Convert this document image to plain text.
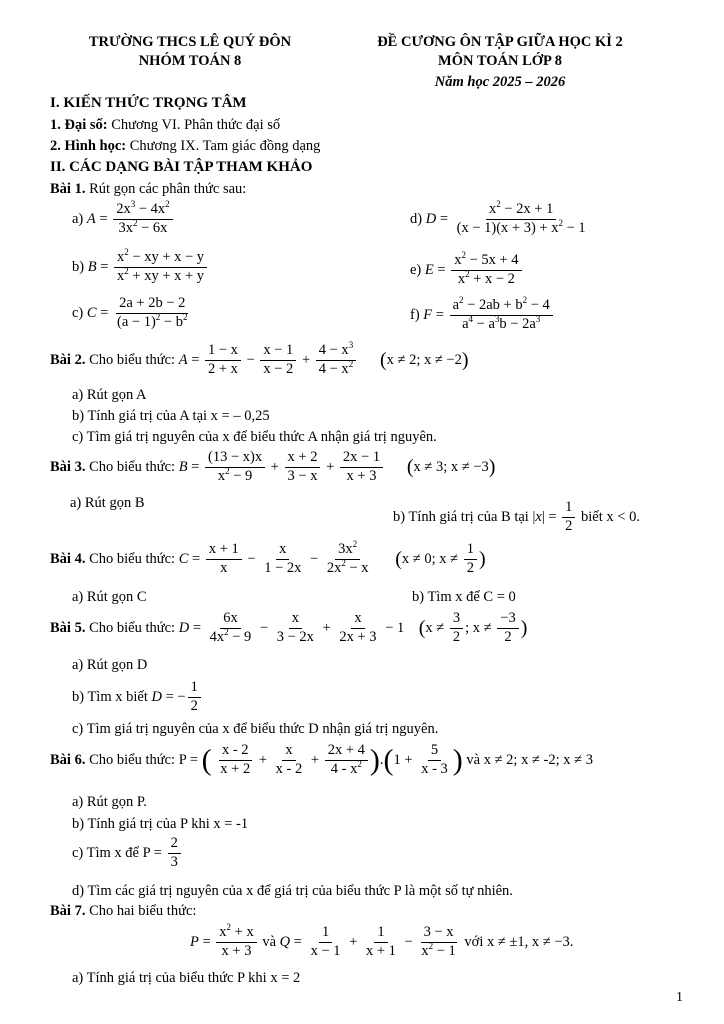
TRƯỜNG THCS LÊ QUÝ ĐÔN
NHÓM TOÁN 8
ĐỀ CƯƠNG ÔN TẬP GIỮA HỌC KÌ 2
MÔN TOÁN LỚP 8
Năm học 2025 – 2026
I. KIẾN THỨC TRỌNG TÂM
1. Đại số: Chương VI. Phân thức đại số
2. Hình học: Chương IX. Tam giác đồng dạng
II. CÁC DẠNG BÀI TẬP THAM KHẢO
Bài 1. Rút gọn các phân thức sau:
a) $A = \frac{2x^3 - 4x^2}{3x^2 - 6x}$	d) $D = \frac{x^2 - 2x + 1}{(x - 1)(x + 3) + x^2 - 1}$
b) $B = \frac{x^2 - xy + x - y}{x^2 + xy + x + y}$	e) $E = \frac{x^2 - 5x + 4}{x^2 + x - 2}$
c) $C = \frac{2a + 2b - 2}{(a - 1)^2 - b^2}$	f) $F = \frac{a^2 - 2ab + b^2 - 4}{a^4 - a^3b - 2a^3}$
Bài 2. Cho biểu thức: $A = \frac{1 - x}{2 + x} - \frac{x - 1}{x - 2} + \frac{4 - x^3}{4 - x^2} (x \ne 2$; x ≠ −2)
a) Rút gọn A
b) Tính giá trị của A tại x = – 0,25
c) Tìm giá trị nguyên của x để biểu thức A nhận giá trị nguyên.
Bài 3. Cho biểu thức: $B = \frac{(13 - x)x}{x^2 - 9} + \frac{x + 2}{3 - x} + \frac{2x - 1}{x + 3} (x \ne 3$; x ≠ −3)
a) Rút gọn B
b) Tính giá trị của B tại $|x| = \frac{1}{2}$ biết x < 0.
Bài 4. Cho biểu thức: $C = \frac{x + 1}{x} - \frac{x}{1 - 2x} - \frac{3x^2}{2x^2 - x} (x \ne 0$; $x \ne \frac{1}{2}$ )
a) Rút gọn C	b) Tìm x để C = 0
Bài 5. Cho biểu thức: $D = \frac{6x}{4x^2 - 9} - \frac{x}{3 - 2x} + \frac{x}{2x + 3} - 1$    ($x \ne \frac{3}{2}$ ; $x \ne \frac{-3}{2}$ )
a) Rút gọn D
b) Tìm x biết D = − $\frac{1}{2}$
c) Tìm giá trị nguyên của x để biểu thức D nhận giá trị nguyên.
Bài 6. Cho biểu thức: P = ( $\frac{x - 2}{x + 2} + \frac{x}{x - 2} + \frac{2x + 4}{4 - x^2} ).(1 + \frac{5}{x - 3}$ ) và x ≠ 2; x ≠ -2; x ≠ 3
a) Rút gọn P.
b) Tính giá trị của P khi x = -1
c) Tìm x để $P = \frac{2}{3}$
d) Tìm các giá trị nguyên của x để giá trị của biểu thức P là một số tự nhiên.
Bài 7. Cho hai biểu thức:
$P = \frac{x^2 + x}{x + 3}$ và $Q = \frac{1}{x - 1} + \frac{1}{x + 1} - \frac{3 - x}{x^2 - 1}$ với x ≠ ±1, x ≠ −3.
a) Tính giá trị của biểu thức P khi x = 2
1
